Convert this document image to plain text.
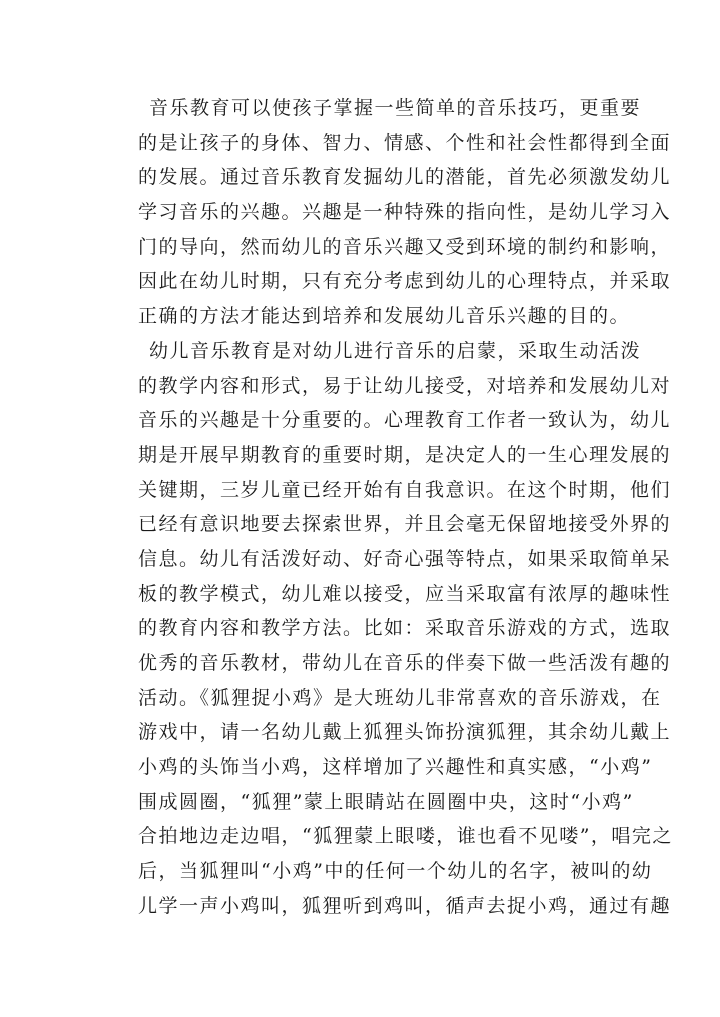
音乐教育可以使孩子掌握一些简单的音乐技巧，更重要
的是让孩子的身体、智力、情感、个性和社会性都得到全面
的发展。通过音乐教育发掘幼儿的潜能，首先必须激发幼儿
学习音乐的兴趣。兴趣是一种特殊的指向性，是幼儿学习入
门的导向，然而幼儿的音乐兴趣又受到环境的制约和影响，
因此在幼儿时期，只有充分考虑到幼儿的心理特点，并采取
正确的方法才能达到培养和发展幼儿音乐兴趣的目的。
幼儿音乐教育是对幼儿进行音乐的启蒙，采取生动活泼
的教学内容和形式，易于让幼儿接受，对培养和发展幼儿对
音乐的兴趣是十分重要的。心理教育工作者一致认为，幼儿
期是开展早期教育的重要时期，是决定人的一生心理发展的
关键期，三岁儿童已经开始有自我意识。在这个时期，他们
已经有意识地要去探索世界，并且会毫无保留地接受外界的
信息。幼儿有活泼好动、好奇心强等特点，如果采取简单呆
板的教学模式，幼儿难以接受，应当采取富有浓厚的趣味性
的教育内容和教学方法。比如：采取音乐游戏的方式，选取
优秀的音乐教材，带幼儿在音乐的伴奏下做一些活泼有趣的
活动。《狐狸捉小鸡》是大班幼儿非常喜欢的音乐游戏，在
游戏中，请一名幼儿戴上狐狸头饰扮演狐狸，其余幼儿戴上
小鸡的头饰当小鸡，这样增加了兴趣性和真实感，“小鸡”
围成圆圈，“狐狸”蒙上眼睛站在圆圈中央，这时“小鸡”
合拍地边走边唱，“狐狸蒙上眼喽，谁也看不见喽”，唱完之
后，当狐狸叫“小鸡”中的任何一个幼儿的名字，被叫的幼
儿学一声小鸡叫，狐狸听到鸡叫，循声去捉小鸡，通过有趣
